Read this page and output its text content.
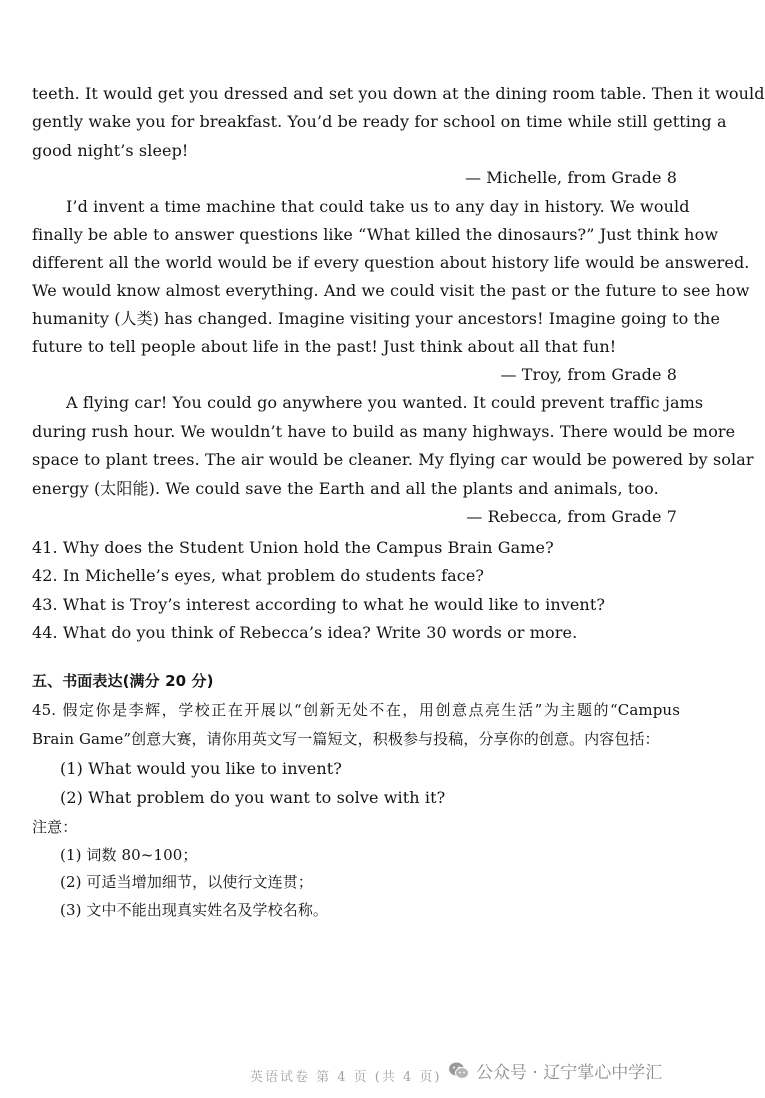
teeth. It would get you dressed and set you down at the dining room table. Then it would
gently wake you for breakfast. You’d be ready for school on time while still getting a
good night’s sleep!
— Michelle, from Grade 8
I’d invent a time machine that could take us to any day in history. We would
finally be able to answer questions like “What killed the dinosaurs?” Just think how
different all the world would be if every question about history life would be answered.
We would know almost everything. And we could visit the past or the future to see how
humanity (人类) has changed. Imagine visiting your ancestors! Imagine going to the
future to tell people about life in the past! Just think about all that fun!
— Troy, from Grade 8
A flying car! You could go anywhere you wanted. It could prevent traffic jams
during rush hour. We wouldn’t have to build as many highways. There would be more
space to plant trees. The air would be cleaner. My flying car would be powered by solar
energy (太阳能). We could save the Earth and all the plants and animals, too.
— Rebecca, from Grade 7
41. Why does the Student Union hold the Campus Brain Game?
42. In Michelle’s eyes, what problem do students face?
43. What is Troy’s interest according to what he would like to invent?
44. What do you think of Rebecca’s idea? Write 30 words or more.
五、书面表达(满分 20 分)
45. 假定你是李辉，学校正在开展以“创新无处不在，用创意点亮生活”为主题的“Campus
Brain Game”创意大赛，请你用英文写一篇短文，积极参与投稿，分享你的创意。内容包括：
(1) What would you like to invent?
(2) What problem do you want to solve with it?
注意：
(1) 词数 80~100；
(2) 可适当增加细节，以使行文连贯；
(3) 文中不能出现真实姓名及学校名称。
英语试卷 第 4 页 (共 4 页) 公众号 · 辽宁掌心中学汇
